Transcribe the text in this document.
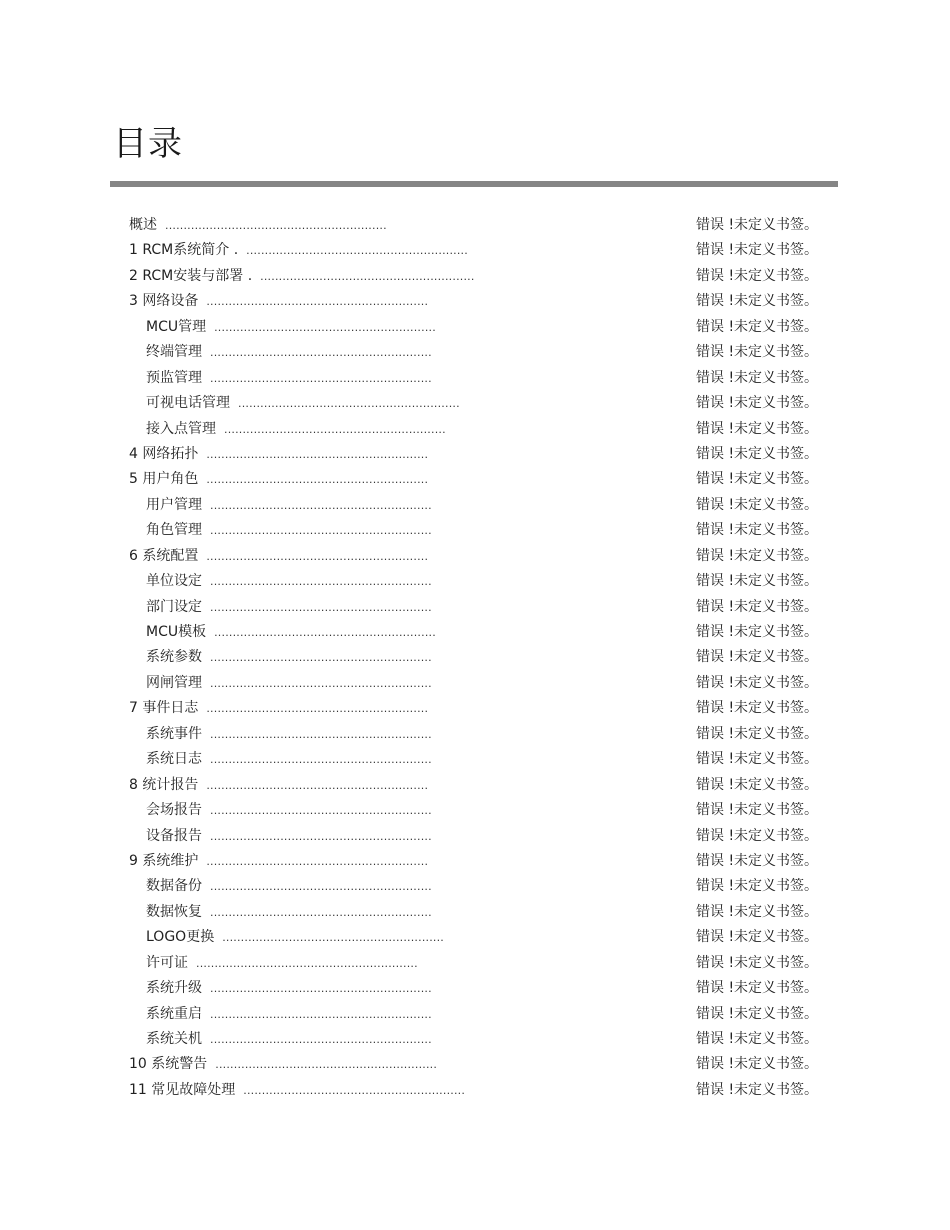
目录
概述 ............................................................	错误 !未定义书签。
1 RCM系统简介 . ............................................................	错误 !未定义书签。
2 RCM安装与部署 . ..........................................................	错误 !未定义书签。
3 网络设备 ............................................................	错误 !未定义书签。
MCU管理 ............................................................	错误 !未定义书签。
终端管理 ............................................................	错误 !未定义书签。
预监管理 ............................................................	错误 !未定义书签。
可视电话管理 ............................................................	错误 !未定义书签。
接入点管理 ............................................................	错误 !未定义书签。
4 网络拓扑 ............................................................	错误 !未定义书签。
5 用户角色 ............................................................	错误 !未定义书签。
用户管理 ............................................................	错误 !未定义书签。
角色管理 ............................................................	错误 !未定义书签。
6 系统配置 ............................................................	错误 !未定义书签。
单位设定 ............................................................	错误 !未定义书签。
部门设定 ............................................................	错误 !未定义书签。
MCU模板 ............................................................	错误 !未定义书签。
系统参数 ............................................................	错误 !未定义书签。
网闸管理 ............................................................	错误 !未定义书签。
7 事件日志 ............................................................	错误 !未定义书签。
系统事件 ............................................................	错误 !未定义书签。
系统日志 ............................................................	错误 !未定义书签。
8 统计报告 ............................................................	错误 !未定义书签。
会场报告 ............................................................	错误 !未定义书签。
设备报告 ............................................................	错误 !未定义书签。
9 系统维护 ............................................................	错误 !未定义书签。
数据备份 ............................................................	错误 !未定义书签。
数据恢复 ............................................................	错误 !未定义书签。
LOGO更换 ............................................................	错误 !未定义书签。
许可证 ............................................................	错误 !未定义书签。
系统升级 ............................................................	错误 !未定义书签。
系统重启 ............................................................	错误 !未定义书签。
系统关机 ............................................................	错误 !未定义书签。
10 系统警告 ............................................................	错误 !未定义书签。
11 常见故障处理 ............................................................	错误 !未定义书签。
